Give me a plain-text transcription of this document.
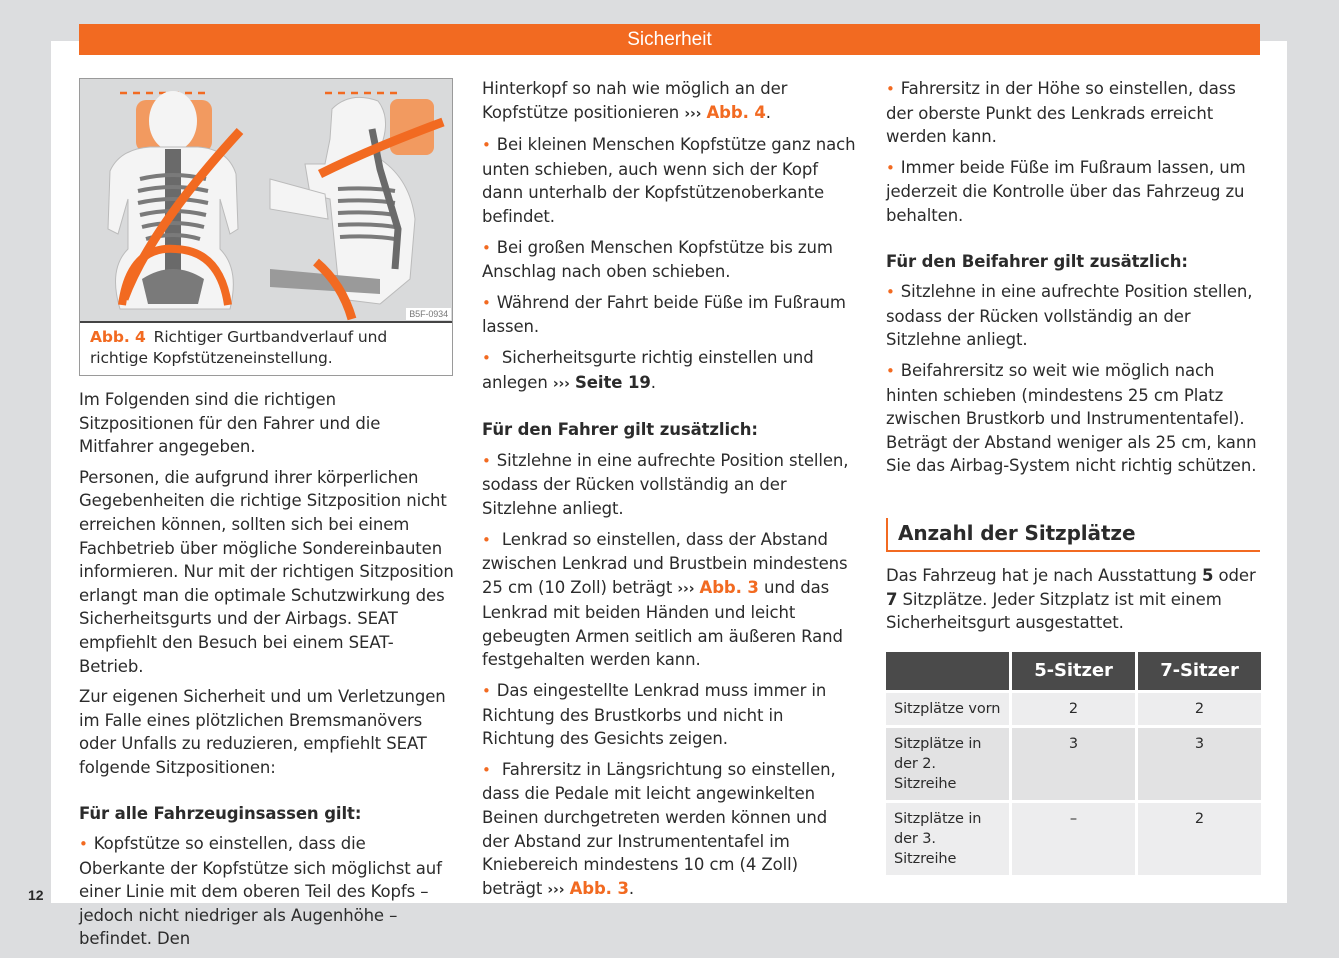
Sicherheit
B5F-0934
Abb. 4 Richtiger Gurtbandverlauf und richtige Kopfstützeneinstellung.

Im Folgenden sind die richtigen Sitzpositionen für den Fahrer und die Mitfahrer angegeben.

Personen, die aufgrund ihrer körperlichen Gegebenheiten die richtige Sitzposition nicht erreichen können, sollten sich bei einem Fachbetrieb über mögliche Sondereinbauten informieren. Nur mit der richtigen Sitzposition erlangt man die optimale Schutzwirkung des Sicherheitsgurts und der Airbags. SEAT empfiehlt den Besuch bei einem SEAT-Betrieb.

Zur eigenen Sicherheit und um Verletzungen im Falle eines plötzlichen Bremsmanövers oder Unfalls zu reduzieren, empfiehlt SEAT folgende Sitzpositionen:

Für alle Fahrzeuginsassen gilt:

• Kopfstütze so einstellen, dass die Oberkante der Kopfstütze sich möglichst auf einer Linie mit dem oberen Teil des Kopfs – jedoch nicht niedriger als Augenhöhe – befindet. Den

Hinterkopf so nah wie möglich an der Kopfstütze positionieren ››› Abb. 4.

• Bei kleinen Menschen Kopfstütze ganz nach unten schieben, auch wenn sich der Kopf dann unterhalb der Kopfstützenoberkante befindet.

• Bei großen Menschen Kopfstütze bis zum Anschlag nach oben schieben.

• Während der Fahrt beide Füße im Fußraum lassen.

• Sicherheitsgurte richtig einstellen und anlegen ››› Seite 19.

Für den Fahrer gilt zusätzlich:

• Sitzlehne in eine aufrechte Position stellen, sodass der Rücken vollständig an der Sitzlehne anliegt.

• Lenkrad so einstellen, dass der Abstand zwischen Lenkrad und Brustbein mindestens 25 cm (10 Zoll) beträgt ››› Abb. 3 und das Lenkrad mit beiden Händen und leicht gebeugten Armen seitlich am äußeren Rand festgehalten werden kann.

• Das eingestellte Lenkrad muss immer in Richtung des Brustkorbs und nicht in Richtung des Gesichts zeigen.

• Fahrersitz in Längsrichtung so einstellen, dass die Pedale mit leicht angewinkelten Beinen durchgetreten werden können und der Abstand zur Instrumententafel im Kniebereich mindestens 10 cm (4 Zoll) beträgt ››› Abb. 3.

• Fahrersitz in der Höhe so einstellen, dass der oberste Punkt des Lenkrads erreicht werden kann.

• Immer beide Füße im Fußraum lassen, um jederzeit die Kontrolle über das Fahrzeug zu behalten.

Für den Beifahrer gilt zusätzlich:

• Sitzlehne in eine aufrechte Position stellen, sodass der Rücken vollständig an der Sitzlehne anliegt.

• Beifahrersitz so weit wie möglich nach hinten schieben (mindestens 25 cm Platz zwischen Brustkorb und Instrumententafel). Beträgt der Abstand weniger als 25 cm, kann Sie das Airbag-System nicht richtig schützen.

Anzahl der Sitzplätze

Das Fahrzeug hat je nach Ausstattung 5 oder 7 Sitzplätze. Jeder Sitzplatz ist mit einem Sicherheitsgurt ausgestattet.

	5-Sitzer	7-Sitzer
Sitzplätze vorn	2	2
Sitzplätze in der 2. Sitzreihe	3	3
Sitzplätze in der 3. Sitzreihe	–	2
12
